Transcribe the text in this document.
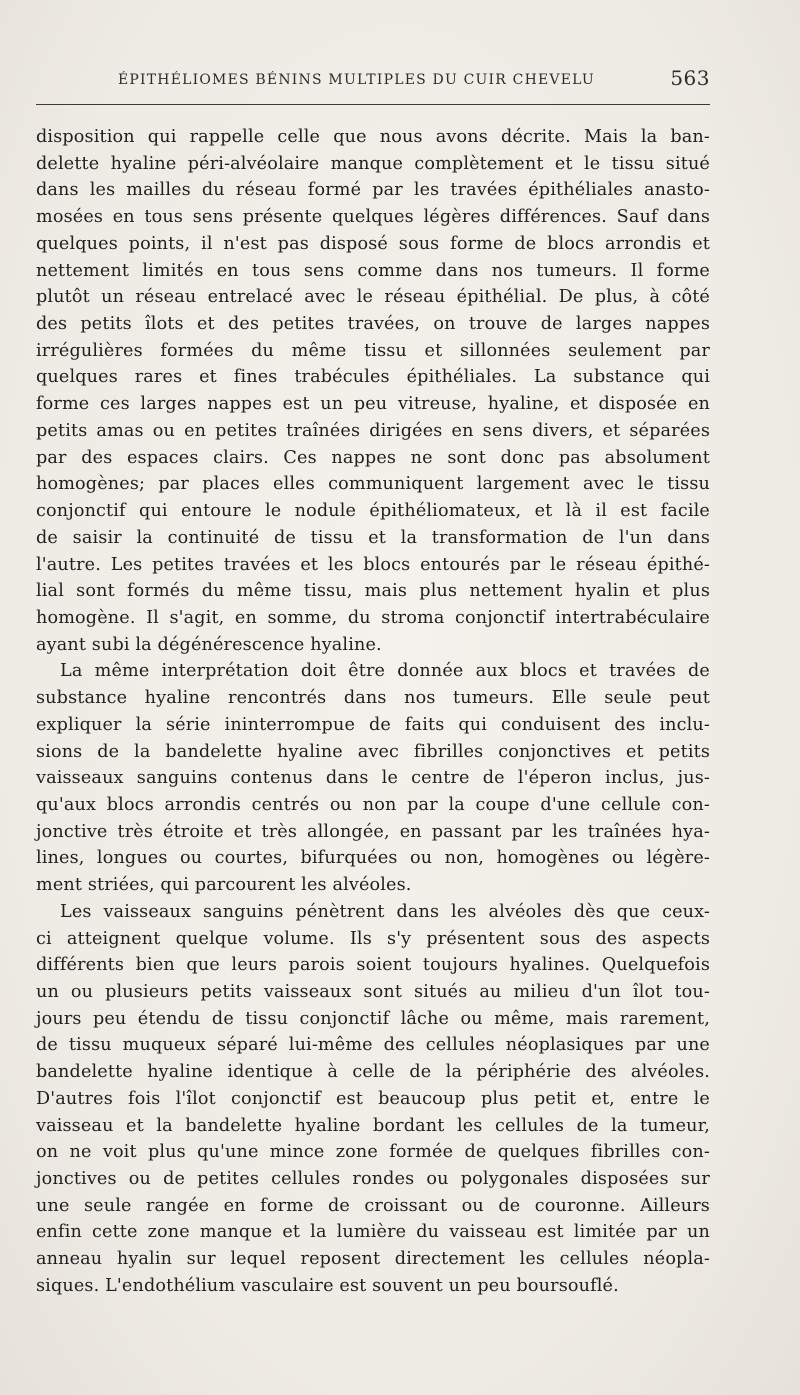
ÉPITHÉLIOMES BÉNINS MULTIPLES DU CUIR CHEVELU	563
disposition qui rappelle celle que nous avons décrite. Mais la ban-
delette hyaline péri-alvéolaire manque complètement et le tissu situé
dans les mailles du réseau formé par les travées épithéliales anasto-
mosées en tous sens présente quelques légères différences. Sauf dans
quelques points, il n'est pas disposé sous forme de blocs arrondis et
nettement limités en tous sens comme dans nos tumeurs. Il forme
plutôt un réseau entrelacé avec le réseau épithélial. De plus, à côté
des petits îlots et des petites travées, on trouve de larges nappes
irrégulières formées du même tissu et sillonnées seulement par
quelques rares et fines trabécules épithéliales. La substance qui
forme ces larges nappes est un peu vitreuse, hyaline, et disposée en
petits amas ou en petites traînées dirigées en sens divers, et séparées
par des espaces clairs. Ces nappes ne sont donc pas absolument
homogènes; par places elles communiquent largement avec le tissu
conjonctif qui entoure le nodule épithéliomateux, et là il est facile
de saisir la continuité de tissu et la transformation de l'un dans
l'autre. Les petites travées et les blocs entourés par le réseau épithé-
lial sont formés du même tissu, mais plus nettement hyalin et plus
homogène. Il s'agit, en somme, du stroma conjonctif intertrabéculaire
ayant subi la dégénérescence hyaline.
La même interprétation doit être donnée aux blocs et travées de
substance hyaline rencontrés dans nos tumeurs. Elle seule peut
expliquer la série ininterrompue de faits qui conduisent des inclu-
sions de la bandelette hyaline avec fibrilles conjonctives et petits
vaisseaux sanguins contenus dans le centre de l'éperon inclus, jus-
qu'aux blocs arrondis centrés ou non par la coupe d'une cellule con-
jonctive très étroite et très allongée, en passant par les traînées hya-
lines, longues ou courtes, bifurquées ou non, homogènes ou légère-
ment striées, qui parcourent les alvéoles.
Les vaisseaux sanguins pénètrent dans les alvéoles dès que ceux-
ci atteignent quelque volume. Ils s'y présentent sous des aspects
différents bien que leurs parois soient toujours hyalines. Quelquefois
un ou plusieurs petits vaisseaux sont situés au milieu d'un îlot tou-
jours peu étendu de tissu conjonctif lâche ou même, mais rarement,
de tissu muqueux séparé lui-même des cellules néoplasiques par une
bandelette hyaline identique à celle de la périphérie des alvéoles.
D'autres fois l'îlot conjonctif est beaucoup plus petit et, entre le
vaisseau et la bandelette hyaline bordant les cellules de la tumeur,
on ne voit plus qu'une mince zone formée de quelques fibrilles con-
jonctives ou de petites cellules rondes ou polygonales disposées sur
une seule rangée en forme de croissant ou de couronne. Ailleurs
enfin cette zone manque et la lumière du vaisseau est limitée par un
anneau hyalin sur lequel reposent directement les cellules néopla-
siques. L'endothélium vasculaire est souvent un peu boursouflé.
